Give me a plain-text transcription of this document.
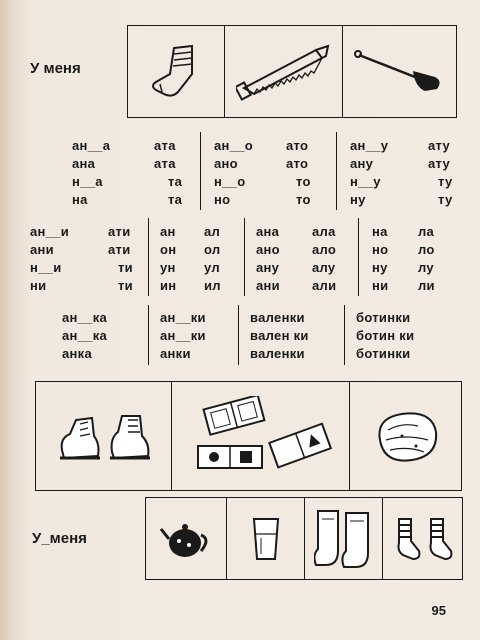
У меня
ан__а
ана
н__а
на
ата
ата
та
та
ан__о
ано
н__о
но
ато
ато
то
то
ан__у
ану
н__у
ну
ату
ату
ту
ту
ан__и
ани
н__и
ни
ати
ати
ти
ти
ан
он
ун
ин
ал
ол
ул
ил
ана
ано
ану
ани
ала
ало
алу
али
на
но
ну
ни
ла
ло
лу
ли
ан__ка
ан__ка
анка
ан__ки
ан__ки
анки
валенки
вален ки
валенки
ботинки
ботин ки
ботинки
У_меня
95
